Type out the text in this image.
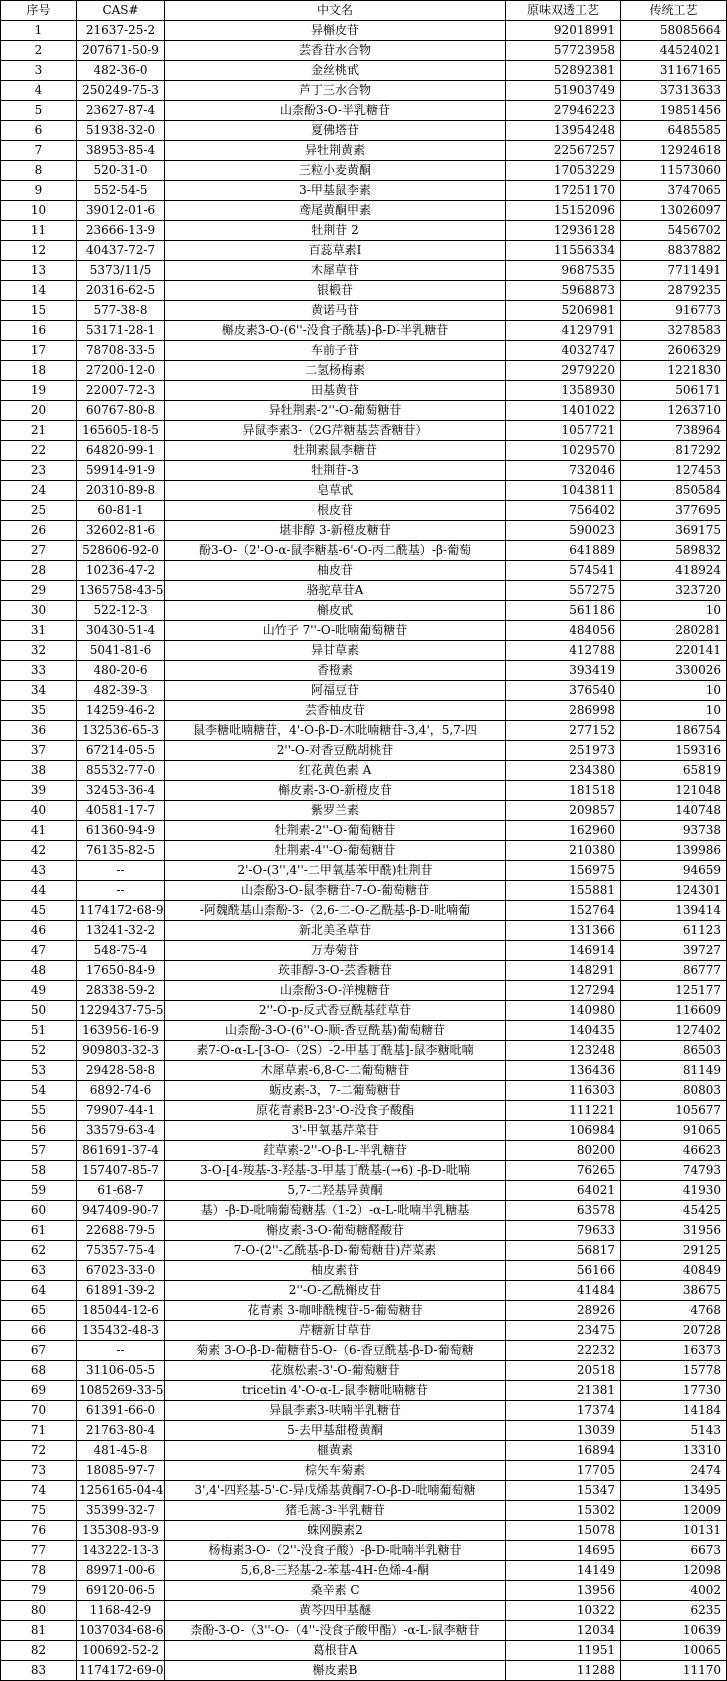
序号	CAS#	中文名	原味双透工艺	传统工艺
1	21637-25-2	异槲皮苷	92018991	58085664
2	207671-50-9	芸香苷水合物	57723958	44524021
3	482-36-0	金丝桃甙	52892381	31167165
4	250249-75-3	芦丁三水合物	51903749	37313633
5	23627-87-4	山柰酚3-O-半乳糖苷	27946223	19851456
6	51938-32-0	夏佛塔苷	13954248	6485585
7	38953-85-4	异牡荆黄素	22567257	12924618
8	520-31-0	三粒小麦黄酮	17053229	11573060
9	552-54-5	3-甲基鼠李素	17251170	3747065
10	39012-01-6	鸢尾黄酮甲素	15152096	13026097
11	23666-13-9	牡荆苷 2	12936128	5456702
12	40437-72-7	百蕊草素I	11556334	8837882
13	5373/11/5	木犀草苷	9687535	7711491
14	20316-62-5	银椴苷	5968873	2879235
15	577-38-8	黄诺马苷	5206981	916773
16	53171-28-1	槲皮素3-O-(6''-没食子酰基)-β-D-半乳糖苷	4129791	3278583
17	78708-33-5	车前子苷	4032747	2606329
18	27200-12-0	二氢杨梅素	2979220	1221830
19	22007-72-3	田基黄苷	1358930	506171
20	60767-80-8	异牡荆素-2''-O-葡萄糖苷	1401022	1263710
21	165605-18-5	异鼠李素3-（2G芹糖基芸香糖苷）	1057721	738964
22	64820-99-1	牡荆素鼠李糖苷	1029570	817292
23	59914-91-9	牡荆苷-3	732046	127453
24	20310-89-8	皂草甙	1043811	850584
25	60-81-1	根皮苷	756402	377695
26	32602-81-6	堪非醇 3-新橙皮糖苷	590023	369175
27	528606-92-0	酚3-O-（2'-O-α-鼠李糖基-6'-O-丙二酰基）-β-葡萄	641889	589832
28	10236-47-2	柚皮苷	574541	418924
29	1365758-43-5	骆驼草苷A	557275	323720
30	522-12-3	槲皮甙	561186	10
31	30430-51-4	山竹子 7''-O-吡喃葡萄糖苷	484056	280281
32	5041-81-6	异甘草素	412788	220141
33	480-20-6	香橙素	393419	330026
34	482-39-3	阿福豆苷	376540	10
35	14259-46-2	芸香柚皮苷	286998	10
36	132536-65-3	鼠李糖吡喃糖苷，4'-O-β-D-木吡喃糖苷-3,4'，5,7-四	277152	186754
37	67214-05-5	2''-O-对香豆酰胡桃苷	251973	159316
38	85532-77-0	红花黄色素 A	234380	65819
39	32453-36-4	槲皮素-3-O-新橙皮苷	181518	121048
40	40581-17-7	紫罗兰素	209857	140748
41	61360-94-9	牡荆素-2''-O-葡萄糖苷	162960	93738
42	76135-82-5	牡荆素-4''-O-葡萄糖苷	210380	139986
43	--	2'-O-(3'',4''-二甲氧基苯甲酰)牡荆苷	156975	94659
44	--	山柰酚3-O-鼠李糖苷-7-O-葡萄糖苷	155881	124301
45	1174172-68-9	-阿魏酰基山柰酚-3-（2,6-二-O-乙酰基-β-D-吡喃葡	152764	139414
46	13241-32-2	新北美圣草苷	131366	61123
47	548-75-4	万寿菊苷	146914	39727
48	17650-84-9	莰菲醇-3-O-芸香糖苷	148291	86777
49	28338-59-2	山柰酚3-O-洋槐糖苷	127294	125177
50	1229437-75-5	2''-O-p-反式香豆酰基荭草苷	140980	116609
51	163956-16-9	山柰酚-3-O-(6''-O-顺-香豆酰基)葡萄糖苷	140435	127402
52	909803-32-3	素7-O-α-L-[3-O-（2S）-2-甲基丁酰基]-鼠李糖吡喃	123248	86503
53	29428-58-8	木犀草素-6,8-C-二葡萄糖苷	136436	81149
54	6892-74-6	蛎皮素-3，7-二葡萄糖苷	116303	80803
55	79907-44-1	原花青素B-23'-O-没食子酸酯	111221	105677
56	33579-63-4	3'-甲氧基芹菜苷	106984	91065
57	861691-37-4	荭草素-2''-O-β-L-半乳糖苷	80200	46623
58	157407-85-7	3-O-[4-羧基-3-羟基-3-甲基丁酰基-(→6) -β-D-吡喃	76265	74793
59	61-68-7	5,7-二羟基异黄酮	64021	41930
60	947409-90-7	基）-β-D-吡喃葡萄糖基（1-2）-α-L-吡喃半乳糖基	63578	45425
61	22688-79-5	槲皮素-3-O-葡萄糖醛酸苷	79633	31956
62	75357-75-4	7-O-(2''-乙酰基-β-D-葡萄糖苷)芹菜素	56817	29125
63	67023-33-0	柚皮素苷	56166	40849
64	61891-39-2	2''-O-乙酰槲皮苷	41484	38675
65	185044-12-6	花青素 3-咖啡酰槐苷-5-葡萄糖苷	28926	4768
66	135432-48-3	芹糖新甘草苷	23475	20728
67	--	菊素 3-O-β-D-葡糖苷5-O-（6-香豆酰基-β-D-葡萄糖	22232	16373
68	31106-05-5	花旗松素-3'-O-葡萄糖苷	20518	15778
69	1085269-33-5	tricetin 4'-O-α-L-鼠李糖吡喃糖苷	21381	17730
70	61391-66-0	异鼠李素3-呋喃半乳糖苷	17374	14184
71	21763-80-4	5-去甲基甜橙黄酮	13039	5143
72	481-45-8	榧黄素	16894	13310
73	18085-97-7	棕矢车菊素	17705	2474
74	1256165-04-4	3',4'-四羟基-5'-C-异戊烯基黄酮7-O-β-D-吡喃葡萄糖	15347	13495
75	35399-32-7	猪毛蒿-3-半乳糖苷	15302	12009
76	135308-93-9	蛛网膜素2	15078	10131
77	143222-13-3	杨梅素3-O-（2''-没食子酸）-β-D-吡喃半乳糖苷	14695	6673
78	89971-00-6	5,6,8-三羟基-2-苯基-4H-色烯-4-酮	14149	12098
79	69120-06-5	桑辛素 C	13956	4002
80	1168-42-9	黄芩四甲基醚	10322	6235
81	1037034-68-6	柰酚-3-O-（3''-O-（4''-没食子酸甲酯）-α-L-鼠李糖苷	12034	10639
82	100692-52-2	葛根苷A	11951	10065
83	1174172-69-0	槲皮素B	11288	11170
